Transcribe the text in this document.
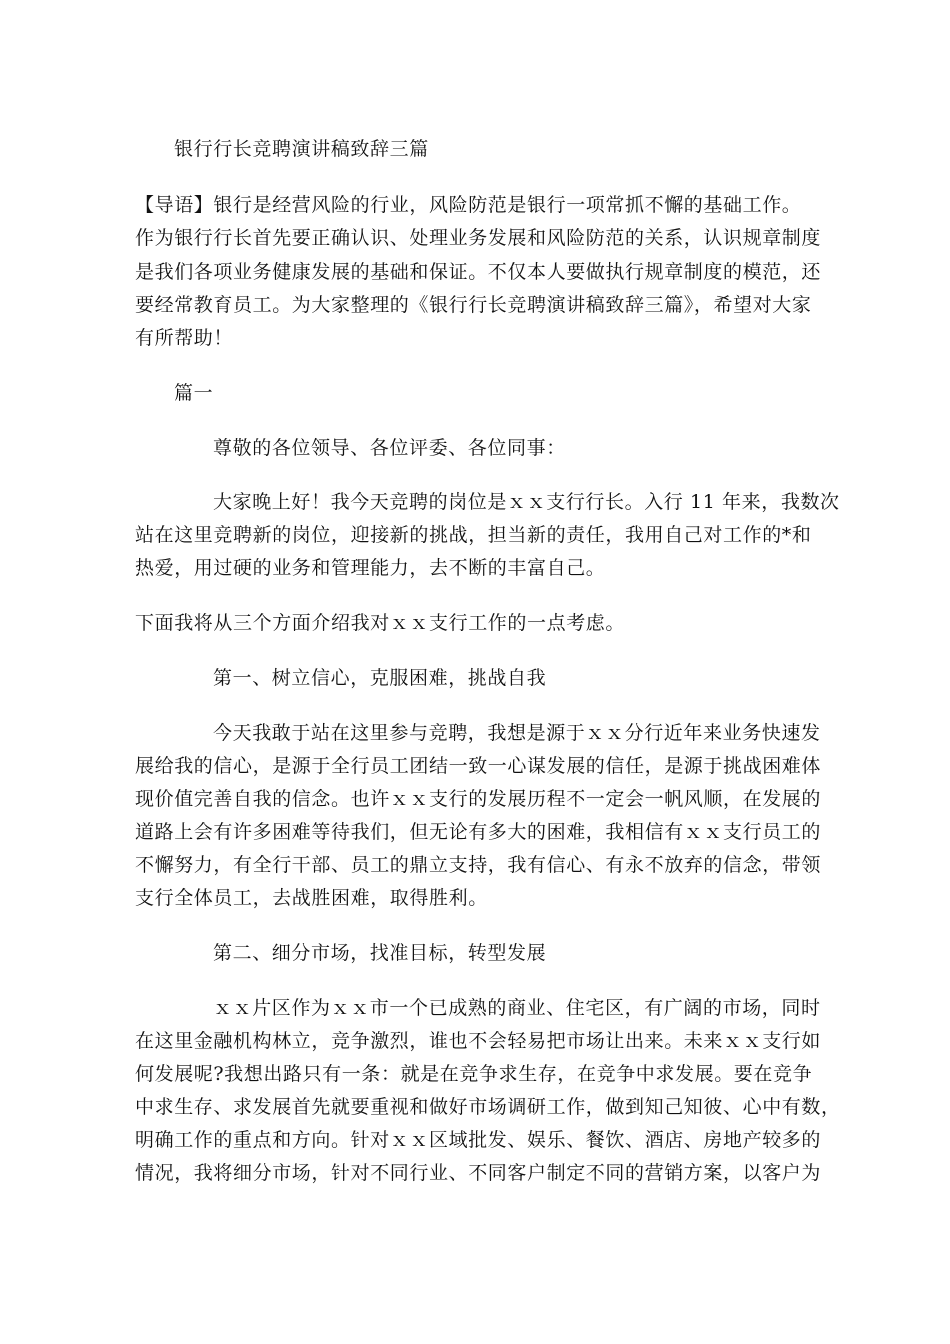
银行行长竞聘演讲稿致辞三篇
【导语】银行是经营风险的行业，风险防范是银行一项常抓不懈的基础工作。
作为银行行长首先要正确认识、处理业务发展和风险防范的关系，认识规章制度
是我们各项业务健康发展的基础和保证。不仅本人要做执行规章制度的模范，还
要经常教育员工。为大家整理的《银行行长竞聘演讲稿致辞三篇》，希望对大家
有所帮助！
篇一
尊敬的各位领导、各位评委、各位同事：
大家晚上好！我今天竞聘的岗位是ｘｘ支行行长。入行 11 年来，我数次
站在这里竞聘新的岗位，迎接新的挑战，担当新的责任，我用自己对工作的*和
热爱，用过硬的业务和管理能力，去不断的丰富自己。
下面我将从三个方面介绍我对ｘｘ支行工作的一点考虑。
第一、树立信心，克服困难，挑战自我
今天我敢于站在这里参与竞聘，我想是源于ｘｘ分行近年来业务快速发
展给我的信心，是源于全行员工团结一致一心谋发展的信任，是源于挑战困难体
现价值完善自我的信念。也许ｘｘ支行的发展历程不一定会一帆风顺，在发展的
道路上会有许多困难等待我们，但无论有多大的困难，我相信有ｘｘ支行员工的
不懈努力，有全行干部、员工的鼎立支持，我有信心、有永不放弃的信念，带领
支行全体员工，去战胜困难，取得胜利。
第二、细分市场，找准目标，转型发展
ｘｘ片区作为ｘｘ市一个已成熟的商业、住宅区，有广阔的市场，同时
在这里金融机构林立，竞争激烈，谁也不会轻易把市场让出来。未来ｘｘ支行如
何发展呢?我想出路只有一条：就是在竞争求生存，在竞争中求发展。要在竞争
中求生存、求发展首先就要重视和做好市场调研工作，做到知己知彼、心中有数，
明确工作的重点和方向。针对ｘｘ区域批发、娱乐、餐饮、酒店、房地产较多的
情况，我将细分市场，针对不同行业、不同客户制定不同的营销方案，以客户为
